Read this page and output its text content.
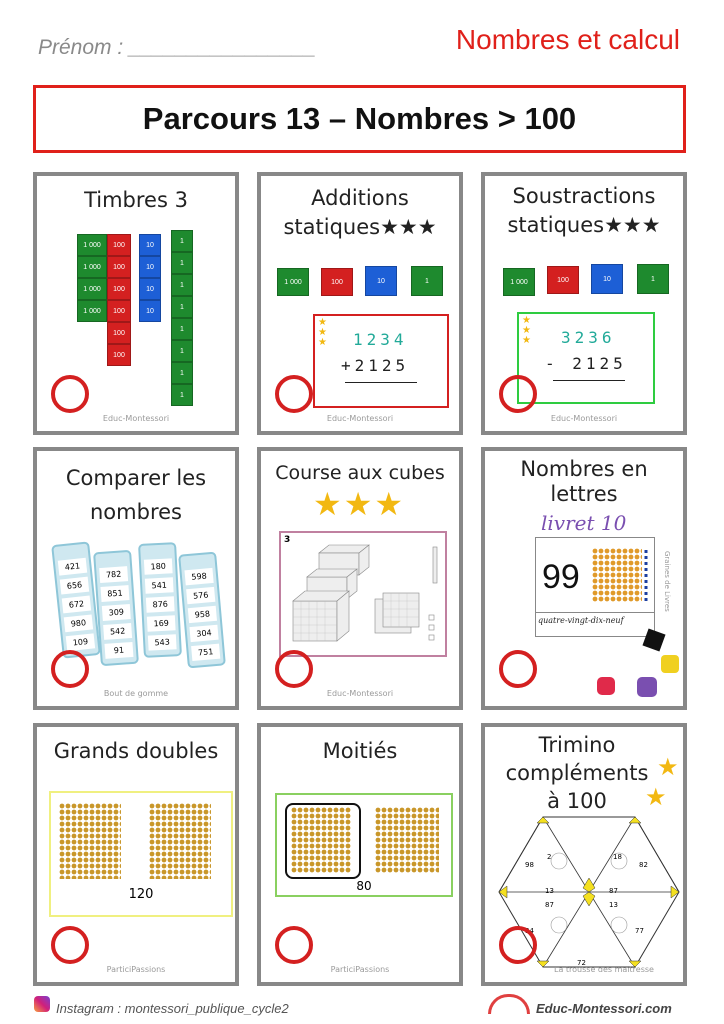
Prénom : ________________	Nombres et calcul
Parcours 13 – Nombres > 100
Timbres 3
1 000
1 000
1 000
1 000
100
100
100
100
100
100
10
10
10
10
1
1
1
1
1
1
1
1
Educ-Montessori
Additions statiques★★★
1 000	100	10	1
★
★
★ 1234
+2125
Educ-Montessori
Soustractions statiques★★★
1 000	100	10	1
★
★
★ 3236
- 2125
Educ-Montessori
Comparer les nombres
421
656
672
980
109
782
851
309
542
91
180
541
876
169
543
598
576
958
304
751
Bout de gomme
Course aux cubes
★★★
3
Educ-Montessori
Nombres en lettres
livret 10
99
quatre-vingt-dix-neuf
Graines de Livres
Grands doubles
120
ParticiPassions
Moitiés
80
ParticiPassions
Trimino compléments à 100
★
★
13	87
87	13
72
34	77
82
18
2
98
La trousse des maitresse
Instagram : montessori_publique_cycle2	Educ-Montessori.com
